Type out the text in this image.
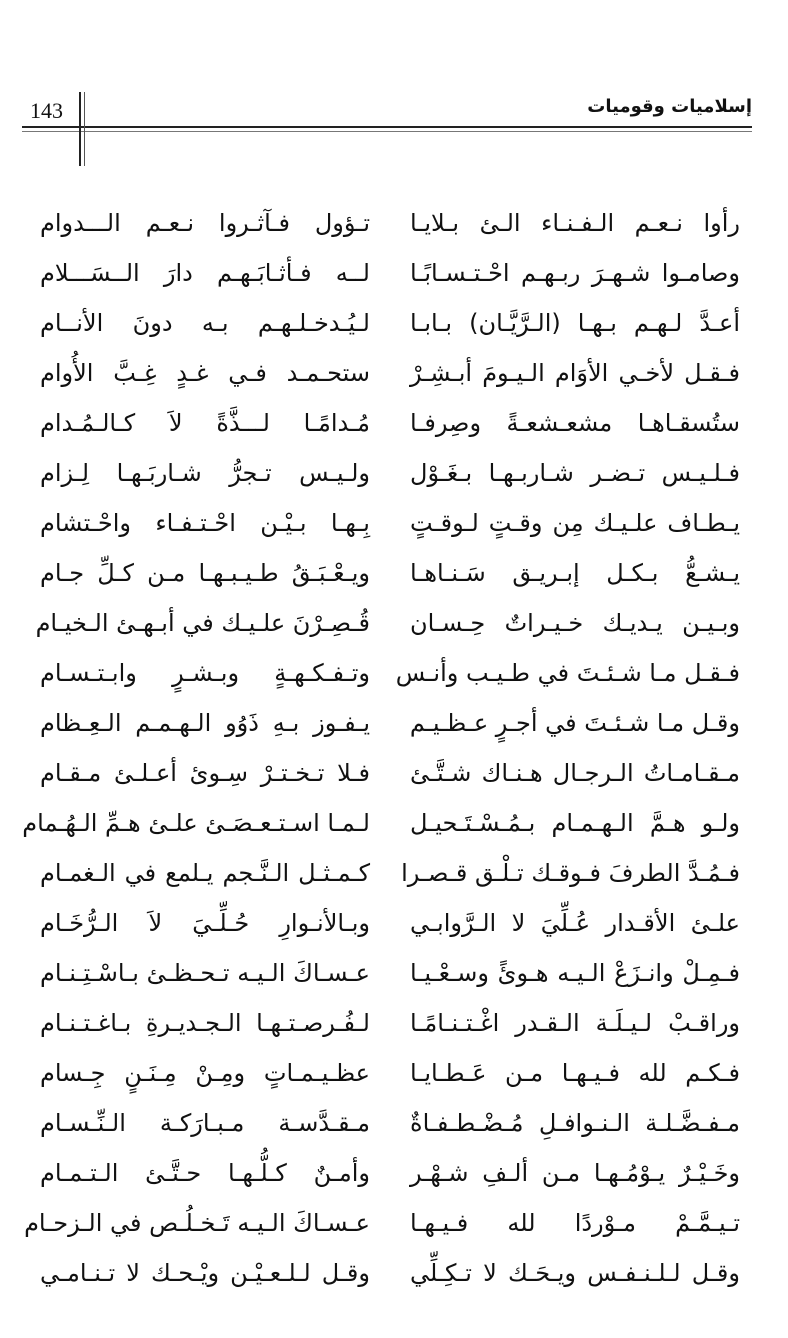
143	إسلاميات وقوميات
رأوا نـعـم الـفـنـاء الـئ بـلايـا
تـؤول فـآثـروا نـعـم الـــدوام
وصامـوا شـهـرَ ربـهـم احْـتـسـابًـا
لــه فـأثـابَـهـم دارَ الــسَـــلام
أعـدَّ لـهـم بـهـا (الـرَّيَّـان) بـابـا
لـيُـدخـلـهـم بـه دونَ الأنــام
فـقـل لأخـي الأوَام الـيـومَ أبـشِـرْ
ستحـمـد فـي غـدٍ غِـبَّ الأُوام
ستُسقـاهـا مشعـشعـةً وصِرفـا
مُـدامًـا لـــذَّةً لاَ كـالـمُـدام
فـلـيـس تـضـر شـاربـهـا بـغَـوْل
ولـيـس تـجرُّ شـاربَـهـا لِـزام
يـطـاف علـيـك مِن وقـتٍ لـوقـتٍ
بِـهـا بـيْـن احْـتـفـاء واحْـتشام
يـشـعُّ بـكـل إبـريـق سَـنـاهـا
ويـعْـبَـقُ طـيـبـهـا مـن كـلِّ جـام
وبـيـن يـديـك خـيـراتٌ حِـسـان
قُـصِـرْنَ علـيـك في أبـهـئ الـخيـام
فـقـل مـا شـئـتَ في طـيـب وأنـس
وتـفـكـهـةٍ وبـشـرٍ وابـتـسـام
وقـل مـا شـئـتَ في أجـرٍ عـظـيـم
يـفـوز بـهِ ذَوُو الـهـمـم الـعِـظام
مـقـامـاتُ الـرجـال هـنـاك شـتَّـئ
فـلا تـخـتـرْ سِـوئ أعـلـئ مـقـام
ولـو هـمَّ الـهـمـام بـمُـسْـتَـحيـل
لـمـا اسـتـعـصَـئ علـئ هـمِّ الـهُـمام
فـمُـدَّ الطرفَ فـوقـك تـلْـق قـصـرا
كـمـثـل الـنَّـجم يـلمع في الـغمـام
علـئ الأقـدار عُـلِّيَ لا الـرَّوابـي
وبـالأنـوارِ حُـلِّـيَ لاَ الـرُّخَـام
فـمِـلْ وانـزَعْ الـيـه هـوئً وسـعْـيـا
عـسـاكَ الـيـه تـحـظـئ بـاسْـتِـنـام
وراقـبْ لـيـلَـة الـقـدر اغْـتـنـامًـا
لـفُـرصـتـهـا الـجـديـرةِ بـاغـتـنـام
فـكـم لله فـيـهـا مـن عَـطـايـا
عظـيـمـاتٍ ومِـنْ مِـنَـنٍ جِـسام
مـفـضَّـلـة الـنـوافـلِ مُـضْـطـفـاةٌ
مـقـدَّسـة مـبـارَكـة الـنِّـسـام
وخَـيْـرٌ يـوْمُـهـا مـن ألـفِ شـهْـر
وأمـنٌ كـلُّـهـا حـتَّـئ الـتـمـام
تـيـمَّـمْ مـوْردًا لله فـيـهـا
عـسـاكَ الـيـه تَـخـلُـص في الـزحـام
وقـل لـلـنـفـس ويـحَـك لا تـكِـلِّي
وقـل لـلـعـيْـن ويْـحـك لا تـنـامـي
